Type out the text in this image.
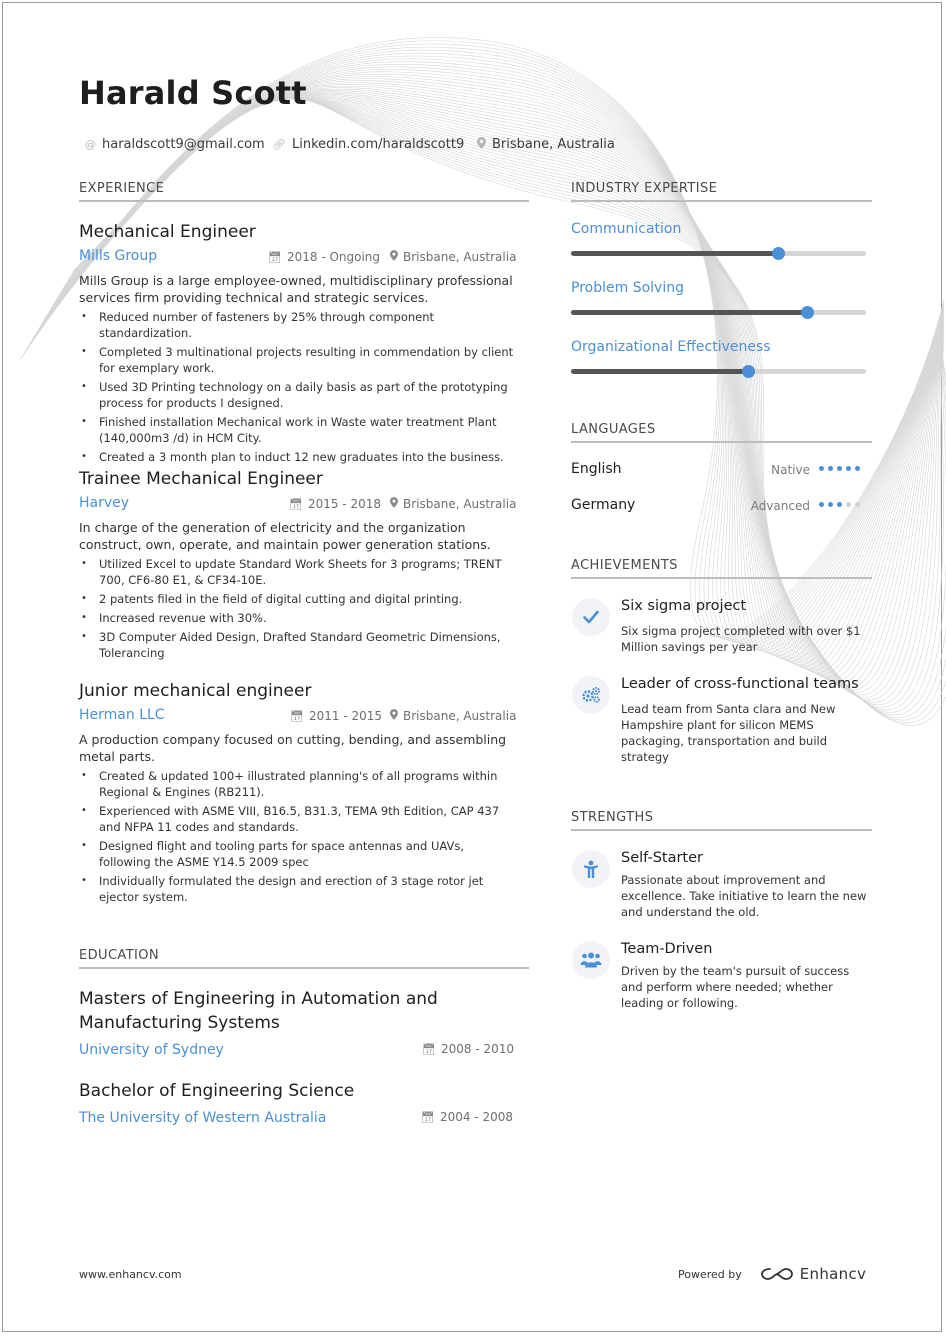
Harald Scott
@ haraldscott9@gmail.com 🔗︎ Linkedin.com/haraldscott9 Brisbane, Australia
EXPERIENCE
Mechanical Engineer
Mills Group	📅︎ 2018 - Ongoing Brisbane, Australia
Mills Group is a large employee-owned, multidisciplinary professional services firm providing technical and strategic services.
• Reduced number of fasteners by 25% through component standardization.
• Completed 3 multinational projects resulting in commendation by client for exemplary work.
• Used 3D Printing technology on a daily basis as part of the prototyping process for products I designed.
• Finished installation Mechanical work in Waste water treatment Plant (140,000m3 /d) in HCM City.
• Created a 3 month plan to induct 12 new graduates into the business.
Trainee Mechanical Engineer
Harvey	📅︎ 2015 - 2018 Brisbane, Australia
In charge of the generation of electricity and the organization construct, own, operate, and maintain power generation stations.
• Utilized Excel to update Standard Work Sheets for 3 programs; TRENT 700, CF6-80 E1, & CF34-10E.
• 2 patents filed in the field of digital cutting and digital printing.
• Increased revenue with 30%.
• 3D Computer Aided Design, Drafted Standard Geometric Dimensions, Tolerancing
Junior mechanical engineer
Herman LLC	📅︎ 2011 - 2015 Brisbane, Australia
A production company focused on cutting, bending, and assembling metal parts.
• Created & updated 100+ illustrated planning's of all programs within Regional & Engines (RB211).
• Experienced with ASME VIII, B16.5, B31.3, TEMA 9th Edition, CAP 437 and NFPA 11 codes and standards.
• Designed flight and tooling parts for space antennas and UAVs, following the ASME Y14.5 2009 spec
• Individually formulated the design and erection of 3 stage rotor jet ejector system.
EDUCATION
Masters of Engineering in Automation and Manufacturing Systems
University of Sydney	📅︎ 2008 - 2010
Bachelor of Engineering Science
The University of Western Australia	📅︎ 2004 - 2008
INDUSTRY EXPERTISE
Communication
Problem Solving
Organizational Effectiveness
LANGUAGES
English	Native
Germany	Advanced
ACHIEVEMENTS
Six sigma project
Six sigma project completed with over $1 Million savings per year
Leader of cross-functional teams
Lead team from Santa clara and New Hampshire plant for silicon MEMS packaging, transportation and build strategy
STRENGTHS
Self-Starter
Passionate about improvement and excellence. Take initiative to learn the new and understand the old.
Team-Driven
Driven by the team's pursuit of success and perform where needed; whether leading or following.
www.enhancv.com	Powered by	Enhancv
